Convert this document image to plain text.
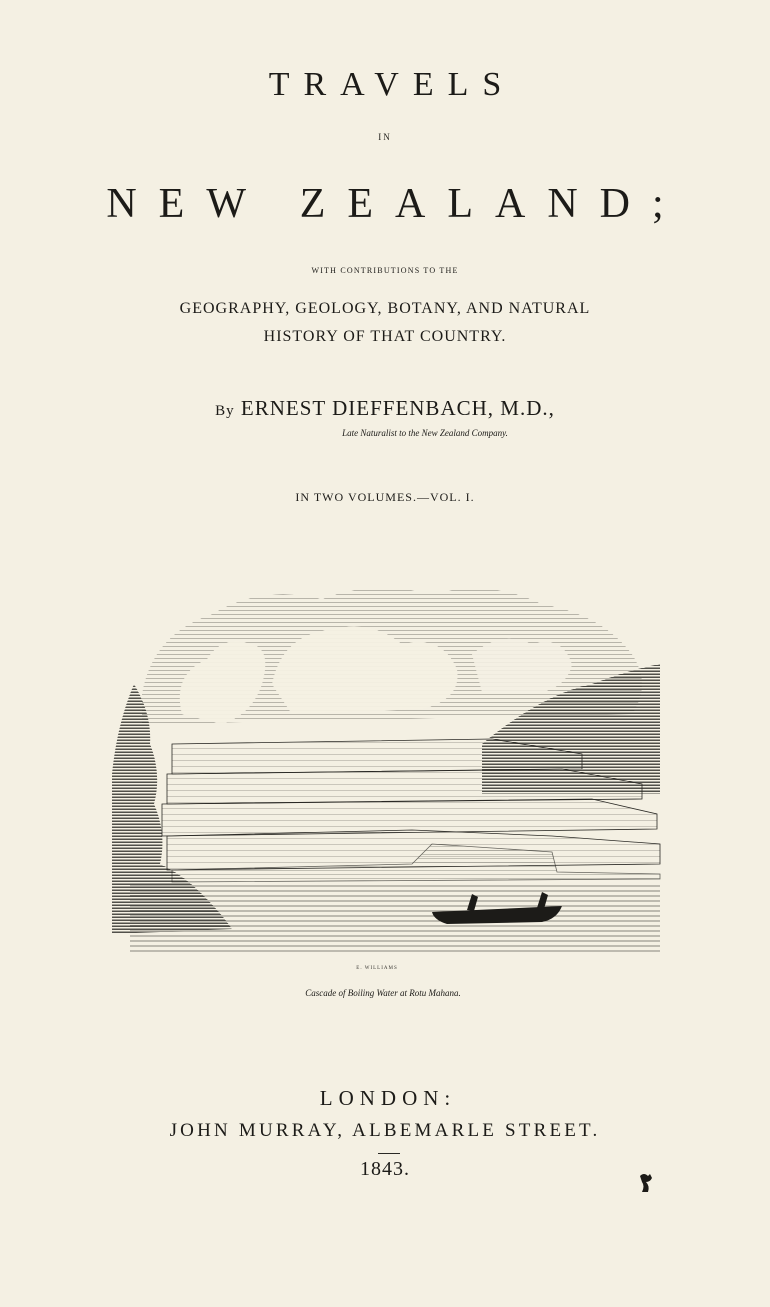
TRAVELS
IN
NEW ZEALAND;
WITH CONTRIBUTIONS TO THE
GEOGRAPHY, GEOLOGY, BOTANY, AND NATURAL
HISTORY OF THAT COUNTRY.
By ERNEST DIEFFENBACH, M.D.,
Late Naturalist to the New Zealand Company.
IN TWO VOLUMES.—VOL. I.
E. WILLIAMS
Cascade of Boiling Water at Rotu Mahana.
LONDON:
JOHN MURRAY, ALBEMARLE STREET.
1843.
